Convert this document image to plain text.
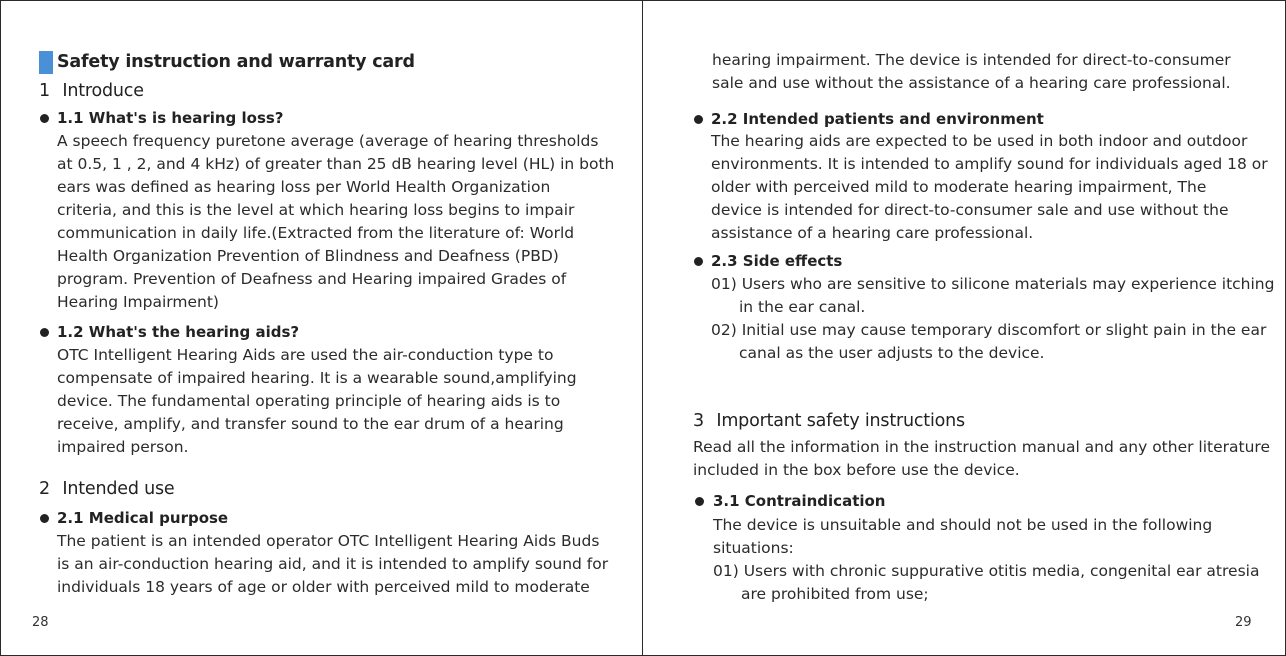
Safety instruction and warranty card
1 Introduce
1.1 What's is hearing loss?
A speech frequency puretone average (average of hearing thresholds
at 0.5, 1 , 2, and 4 kHz) of greater than 25 dB hearing level (HL) in both
ears was defined as hearing loss per World Health Organization
criteria, and this is the level at which hearing loss begins to impair
communication in daily life.(Extracted from the literature of: World
Health Organization Prevention of Blindness and Deafness (PBD)
program. Prevention of Deafness and Hearing impaired Grades of
Hearing Impairment)
1.2 What's the hearing aids?
OTC Intelligent Hearing Aids are used the air-conduction type to
compensate of impaired hearing. It is a wearable sound,amplifying
device. The fundamental operating principle of hearing aids is to
receive, amplify, and transfer sound to the ear drum of a hearing
impaired person.
2 Intended use
2.1 Medical purpose
The patient is an intended operator OTC Intelligent Hearing Aids Buds
is an air-conduction hearing aid, and it is intended to amplify sound for
individuals 18 years of age or older with perceived mild to moderate
28
hearing impairment. The device is intended for direct-to-consumer
sale and use without the assistance of a hearing care professional.
2.2 Intended patients and environment
The hearing aids are expected to be used in both indoor and outdoor
environments. It is intended to amplify sound for individuals aged 18 or
older with perceived mild to moderate hearing impairment, The
device is intended for direct-to-consumer sale and use without the
assistance of a hearing care professional.
2.3 Side effects
01) Users who are sensitive to silicone materials may experience itching
in the ear canal.
02) Initial use may cause temporary discomfort or slight pain in the ear
canal as the user adjusts to the device.
3 Important safety instructions
Read all the information in the instruction manual and any other literature
included in the box before use the device.
3.1 Contraindication
The device is unsuitable and should not be used in the following
situations:
01) Users with chronic suppurative otitis media, congenital ear atresia
are prohibited from use;
29
